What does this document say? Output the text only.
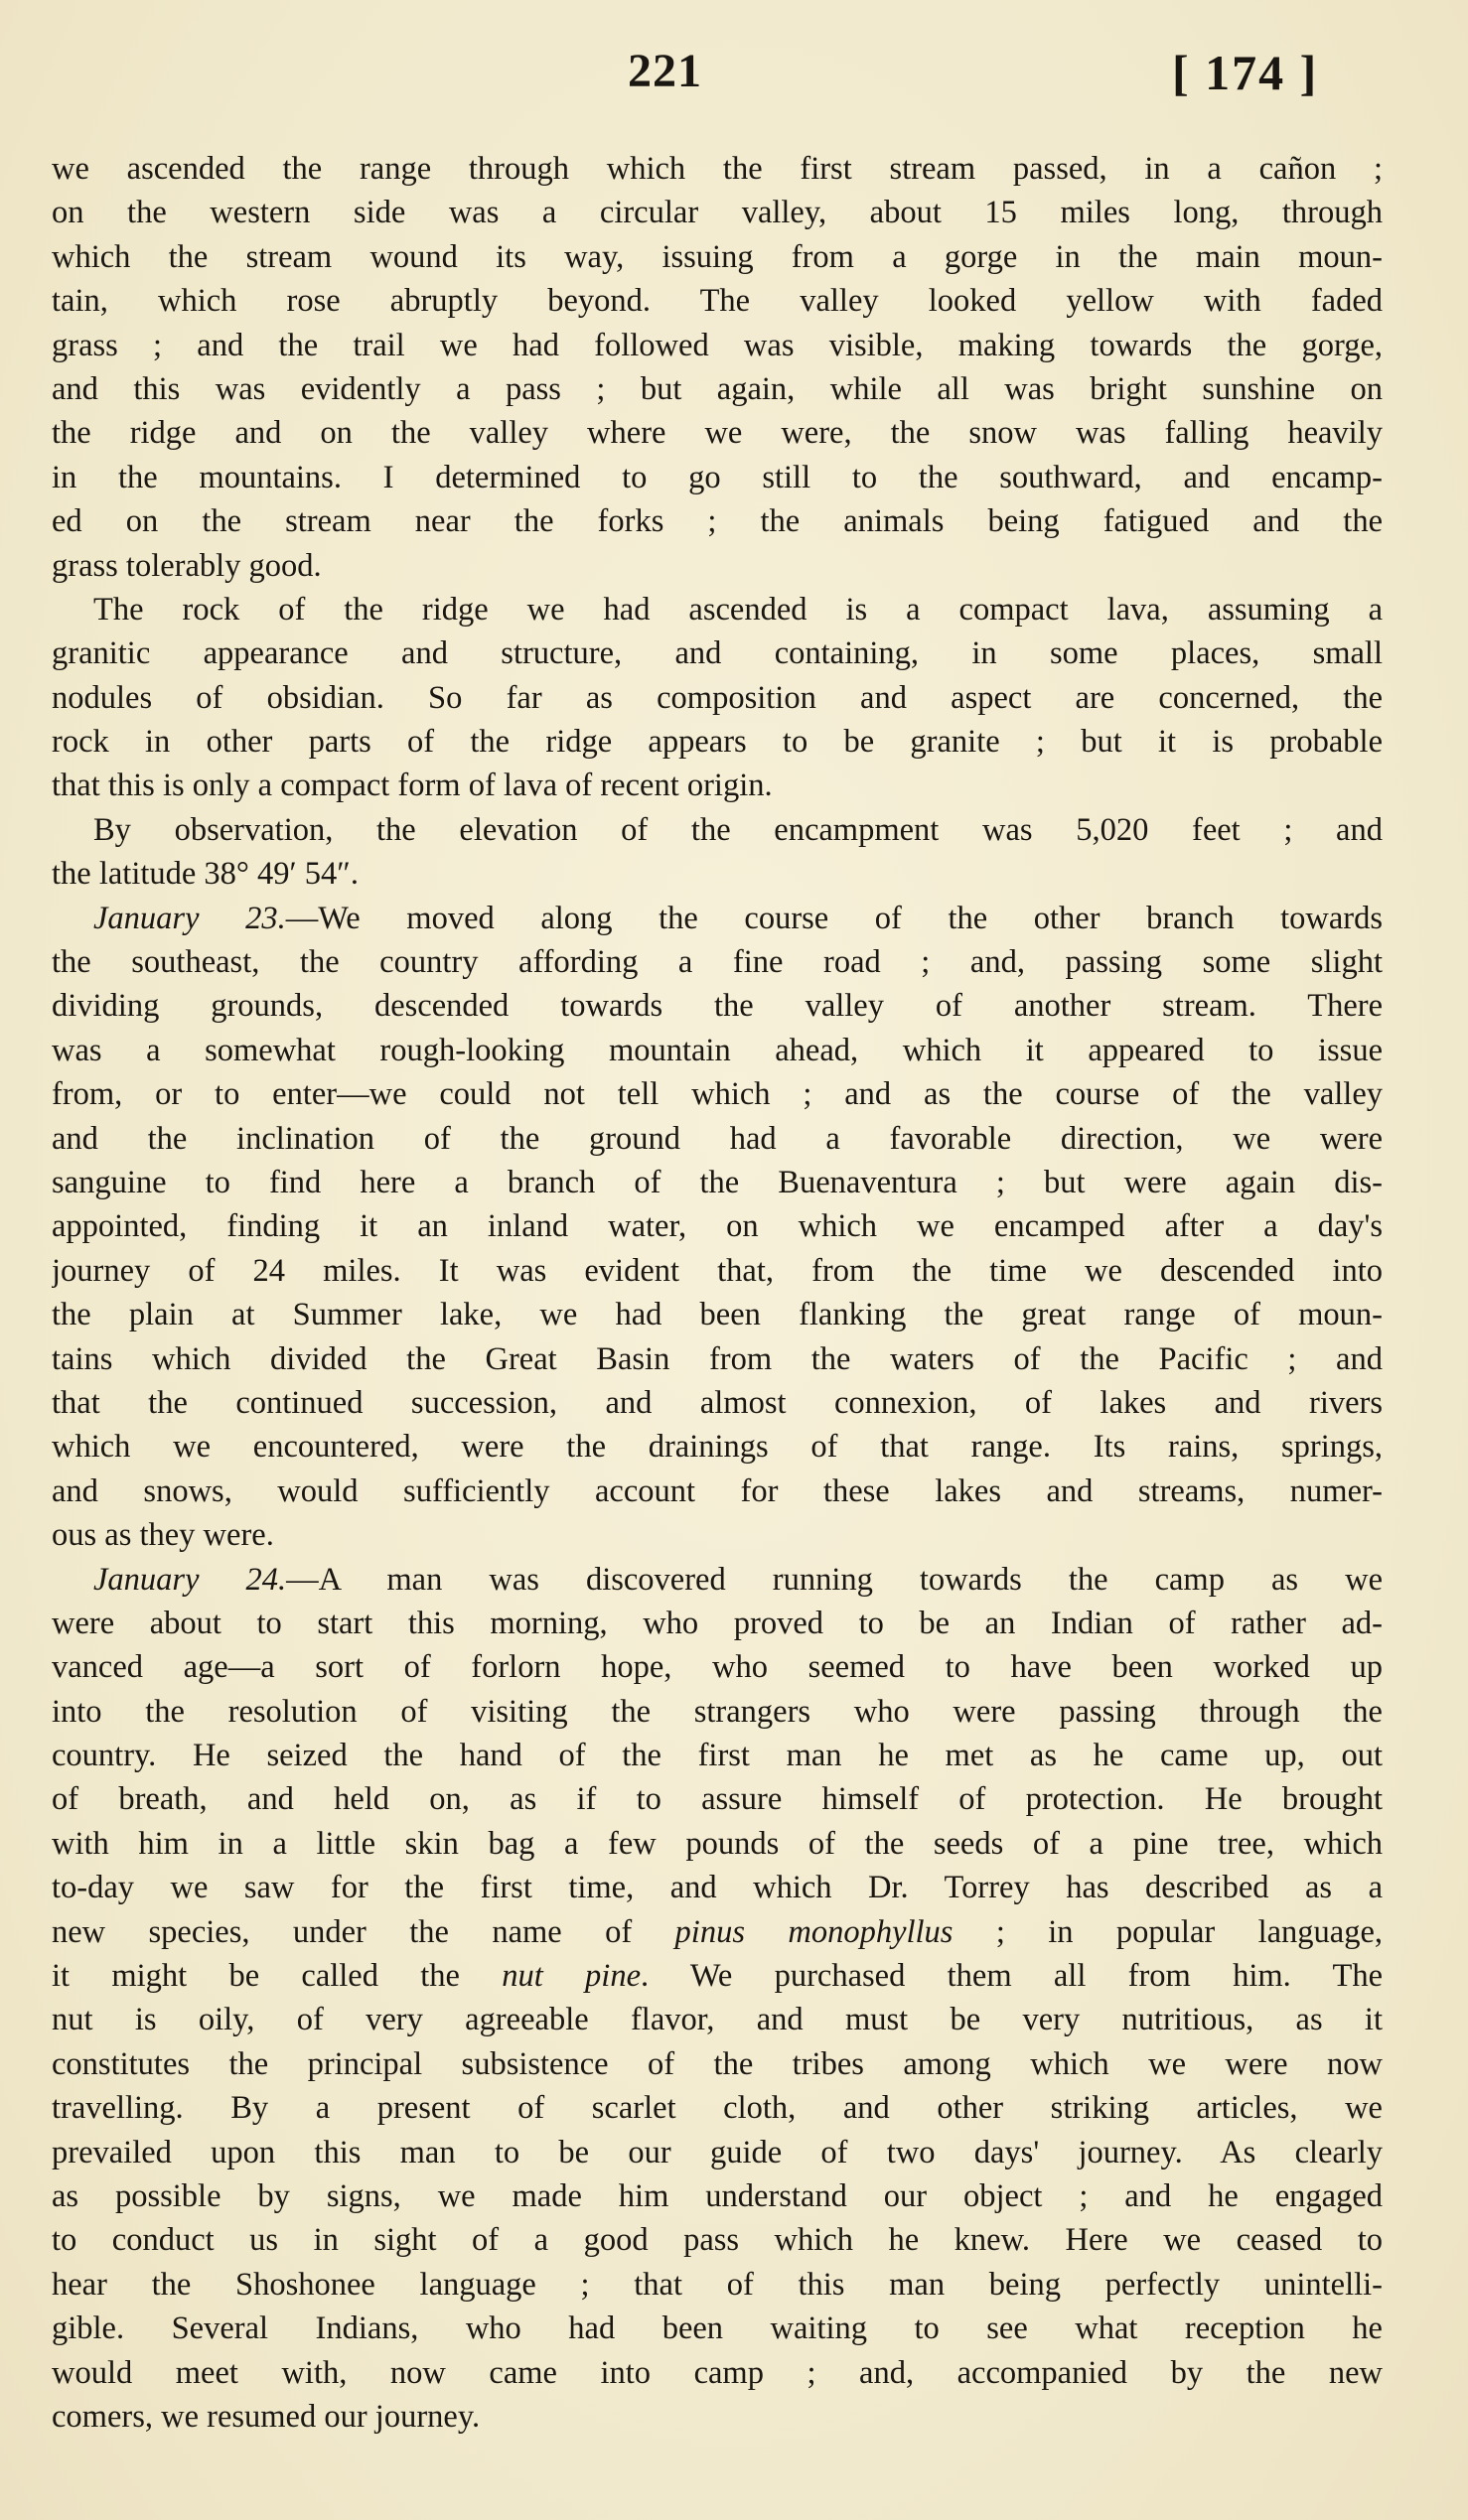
221	[ 174 ]
we ascended the range through which the first stream passed, in a cañon ;
on the western side was a circular valley, about 15 miles long, through
which the stream wound its way, issuing from a gorge in the main moun-
tain, which rose abruptly beyond. The valley looked yellow with faded
grass ; and the trail we had followed was visible, making towards the gorge,
and this was evidently a pass ; but again, while all was bright sunshine on
the ridge and on the valley where we were, the snow was falling heavily
in the mountains. I determined to go still to the southward, and encamp-
ed on the stream near the forks ; the animals being fatigued and the
grass tolerably good.
The rock of the ridge we had ascended is a compact lava, assuming a
granitic appearance and structure, and containing, in some places, small
nodules of obsidian. So far as composition and aspect are concerned, the
rock in other parts of the ridge appears to be granite ; but it is probable
that this is only a compact form of lava of recent origin.
By observation, the elevation of the encampment was 5,020 feet ; and
the latitude 38° 49′ 54″.
January 23.—We moved along the course of the other branch towards
the southeast, the country affording a fine road ; and, passing some slight
dividing grounds, descended towards the valley of another stream. There
was a somewhat rough-looking mountain ahead, which it appeared to issue
from, or to enter—we could not tell which ; and as the course of the valley
and the inclination of the ground had a favorable direction, we were
sanguine to find here a branch of the Buenaventura ; but were again dis-
appointed, finding it an inland water, on which we encamped after a day's
journey of 24 miles. It was evident that, from the time we descended into
the plain at Summer lake, we had been flanking the great range of moun-
tains which divided the Great Basin from the waters of the Pacific ; and
that the continued succession, and almost connexion, of lakes and rivers
which we encountered, were the drainings of that range. Its rains, springs,
and snows, would sufficiently account for these lakes and streams, numer-
ous as they were.
January 24.—A man was discovered running towards the camp as we
were about to start this morning, who proved to be an Indian of rather ad-
vanced age—a sort of forlorn hope, who seemed to have been worked up
into the resolution of visiting the strangers who were passing through the
country. He seized the hand of the first man he met as he came up, out
of breath, and held on, as if to assure himself of protection. He brought
with him in a little skin bag a few pounds of the seeds of a pine tree, which
to-day we saw for the first time, and which Dr. Torrey has described as a
new species, under the name of pinus monophyllus ; in popular language,
it might be called the nut pine. We purchased them all from him. The
nut is oily, of very agreeable flavor, and must be very nutritious, as it
constitutes the principal subsistence of the tribes among which we were now
travelling. By a present of scarlet cloth, and other striking articles, we
prevailed upon this man to be our guide of two days' journey. As clearly
as possible by signs, we made him understand our object ; and he engaged
to conduct us in sight of a good pass which he knew. Here we ceased to
hear the Shoshonee language ; that of this man being perfectly unintelli-
gible. Several Indians, who had been waiting to see what reception he
would meet with, now came into camp ; and, accompanied by the new
comers, we resumed our journey.
